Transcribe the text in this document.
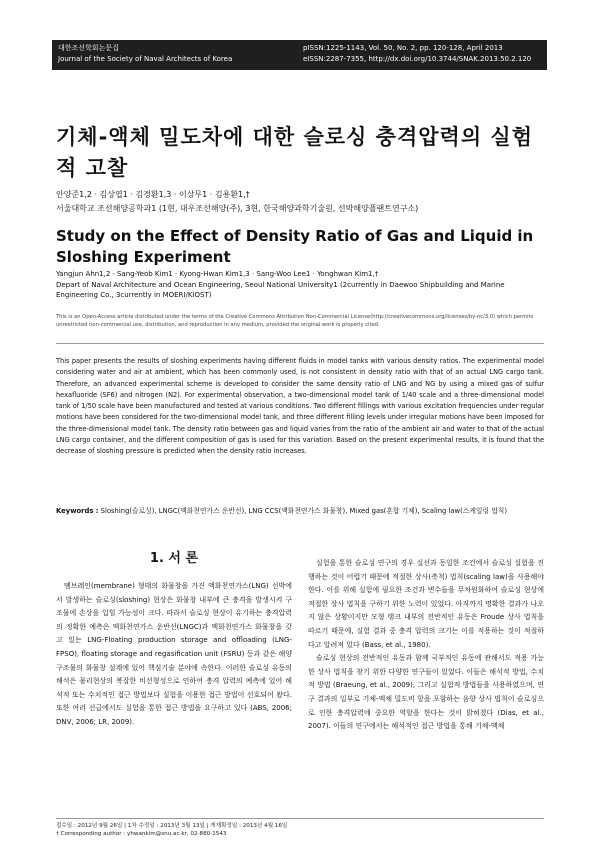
대한조선학회논문집
Journal of the Society of Naval Architects of Korea
pISSN:1225-1143, Vol. 50, No. 2, pp. 120-128, April 2013
eISSN:2287-7355, http://dx.doi.org/10.3744/SNAK.2013.50.2.120
기체-액체 밀도차에 대한 슬로싱 충격압력의 실험적 고찰
안양준1,2 · 김상엽1 · 김경환1,3 · 이상무1 · 김용환1,†
서울대학교 조선해양공학과1 (1현, 대우조선해양(주), 3현, 한국해양과학기술원, 선박해양플랜트연구소)
Study on the Effect of Density Ratio of Gas and Liquid in Sloshing Experiment
Yangjun Ahn1,2 · Sang-Yeob Kim1 · Kyong-Hwan Kim1,3 · Sang-Woo Lee1 · Yonghwan Kim1,†
Depart of Naval Architecture and Ocean Engineering, Seoul National University1 (2currently in Daewoo Shipbuilding and Marine Engineering Co., 3currently in MOERI/KIOST)
This is an Open-Access article distributed under the terms of the Creative Commons Attribution Non-Commercial License(http://creativecommons.org/licenses/by-nc/3.0) which permits unrestricted non-commercial use, distribution, and reproduction in any medium, provided the original work is properly cited.
This paper presents the results of sloshing experiments having different fluids in model tanks with various density ratios. The experimental model considering water and air at ambient, which has been commonly used, is not consistent in density ratio with that of an actual LNG cargo tank. Therefore, an advanced experimental scheme is developed to consider the same density ratio of LNG and NG by using a mixed gas of sulfur hexafluoride (SF6) and nitrogen (N2). For experimental observation, a two-dimensional model tank of 1/40 scale and a three-dimensional model tank of 1/50 scale have been manufactured and tested at various conditions. Two different fillings with various excitation frequencies under regular motions have been considered for the two-dimensional model tank, and three different filling levels under irregular motions have been imposed for the three-dimensional model tank. The density ratio between gas and liquid varies from the ratio of the ambient air and water to that of the actual LNG cargo container, and the different composition of gas is used for this variation. Based on the present experimental results, it is found that the decrease of sloshing pressure is predicted when the density ratio increases.
Keywords : Sloshing(슬로싱), LNGC(액화천연가스 운반선), LNG CCS(액화천연가스 화물창), Mixed gas(혼합 기체), Scaling law(스케일링 법칙)
1. 서 론

멤브레인(membrane) 형태의 화물창을 가진 액화천연가스(LNG) 선박에서 발생하는 슬로싱(sloshing) 현상은 화물창 내부에 큰 충격을 발생시켜 구조물에 손상을 입힐 가능성이 크다. 따라서 슬로싱 현상이 유기하는 충격압력의 정확한 예측은 액화천연가스 운반선(LNGC)과 액화천연가스 화물창을 갖고 있는 LNG-Floating production storage and offloading (LNG-FPSO), floating storage and regasification unit (FSRU) 등과 같은 해양구조물의 화물창 설계에 있어 핵심기술 분야에 속한다. 이러한 슬로싱 유동의 해석은 물리현상의 복잡한 비선형성으로 인하여 충격 압력의 예측에 있어 해석적 또는 수치적인 접근 방법보다 실험을 이용한 접근 방법이 선호되어 왔다. 또한 여러 선급에서도 실험을 통한 접근 방법을 요구하고 있다 (ABS, 2006; DNV, 2006; LR, 2009).

실험을 통한 슬로싱 연구의 경우 실선과 동일한 조건에서 슬로싱 실험을 진행하는 것이 어렵기 때문에 적절한 상사(축척) 법칙(scaling law)을 사용해야 한다. 이를 위해 실험에 필요한 조건과 변수들을 무차원화하여 슬로싱 현상에 적절한 상사 법칙을 구하기 위한 노력이 있었다. 아직까지 명확한 결과가 나오지 않은 상황이지만 모형 탱크 내부의 전반적인 유동은 Froude 상사 법칙을 따르기 때문에, 실험 결과 중 충격 압력의 크기는 이를 적용하는 것이 적절하다고 알려져 있다 (Bass, et al., 1980).

슬로싱 현상의 전반적인 유동과 함께 국부적인 유동에 관해서도 적용 가능한 상사 법칙을 찾기 위한 다양한 연구들이 있었다. 이들은 해석적 방법, 수치적 방법 (Braeung, et al., 2009), 그리고 실험적 방법들을 사용하였으며, 연구 결과의 일부로 기체-액체 밀도비 항을 포함하는 음향 상사 법칙이 슬로싱으로 인한 충격압력에 중요한 역할을 한다는 것이 밝혀졌다 (Dias, et al., 2007). 이들의 연구에서는 해석적인 접근 방법을 통해 기체-액체

접수일 : 2012년 9월 26일 | 1차 수정일 : 2013년 3월 13일 | 게재확정일 : 2013년 4월 16일
† Corresponding author : yhwankim@snu.ac.kr, 02-880-1543
